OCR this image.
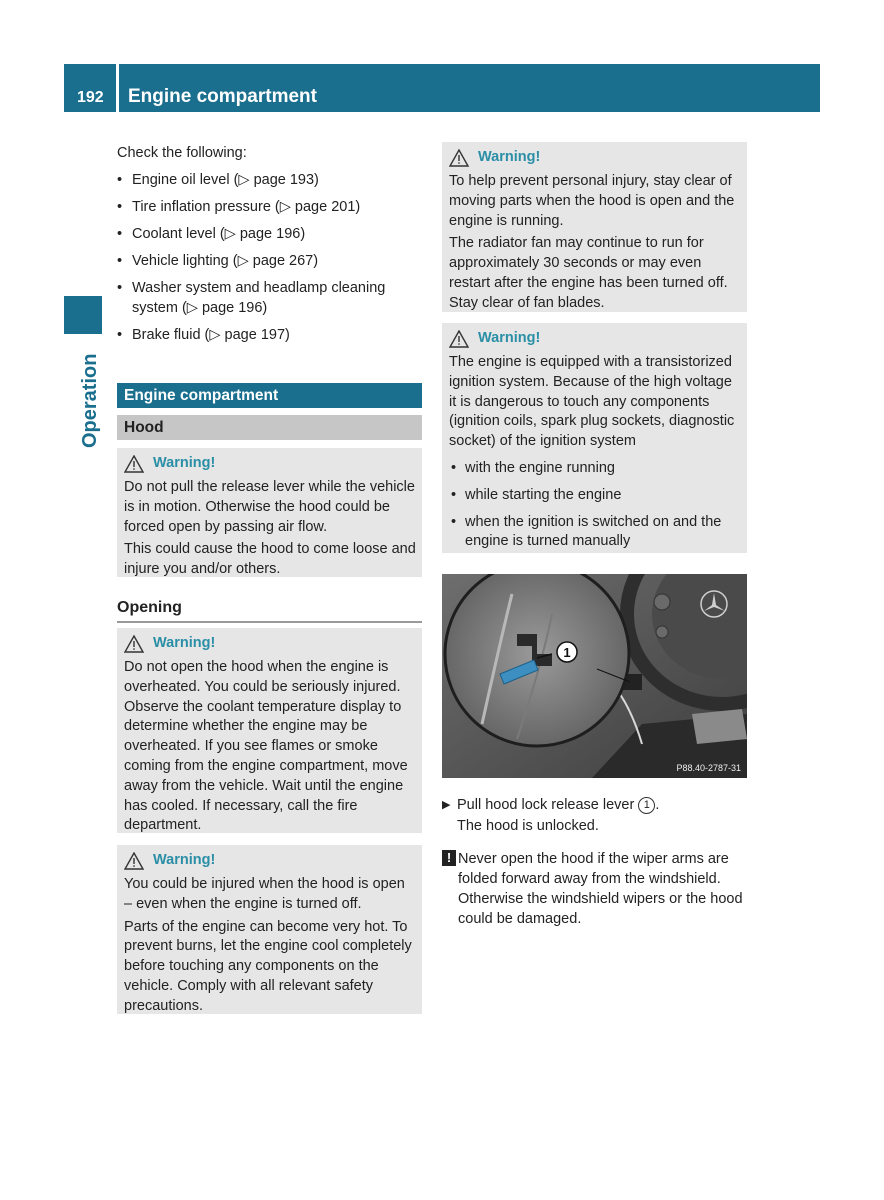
192 Engine compartment
Operation

Check the following:

• Engine oil level (▷ page 193)
• Tire inflation pressure (▷ page 201)
• Coolant level (▷ page 196)
• Vehicle lighting (▷ page 267)
• Washer system and headlamp cleaning system (▷ page 196)
• Brake fluid (▷ page 197)
Engine compartment
Hood
Warning!

Do not pull the release lever while the vehicle is in motion. Otherwise the hood could be forced open by passing air flow.

This could cause the hood to come loose and injure you and/or others.

Opening
Warning!

Do not open the hood when the engine is overheated. You could be seriously injured. Observe the coolant temperature display to determine whether the engine may be overheated. If you see flames or smoke coming from the engine compartment, move away from the vehicle. Wait until the engine has cooled. If necessary, call the fire department.

Warning!

You could be injured when the hood is open – even when the engine is turned off.

Parts of the engine can become very hot. To prevent burns, let the engine cool completely before touching any components on the vehicle. Comply with all relevant safety precautions.

Warning!

To help prevent personal injury, stay clear of moving parts when the hood is open and the engine is running.

The radiator fan may continue to run for approximately 30 seconds or may even restart after the engine has been turned off. Stay clear of fan blades.

Warning!

The engine is equipped with a transistorized ignition system. Because of the high voltage it is dangerous to touch any components (ignition coils, spark plug sockets, diagnostic socket) of the ignition system

• with the engine running
• while starting the engine
• when the ignition is switched on and the engine is turned manually
1
P88.40-2787-31
▶ Pull hood lock release lever 1 .
The hood is unlocked.
! Never open the hood if the wiper arms are folded forward away from the windshield. Otherwise the windshield wipers or the hood could be damaged.
